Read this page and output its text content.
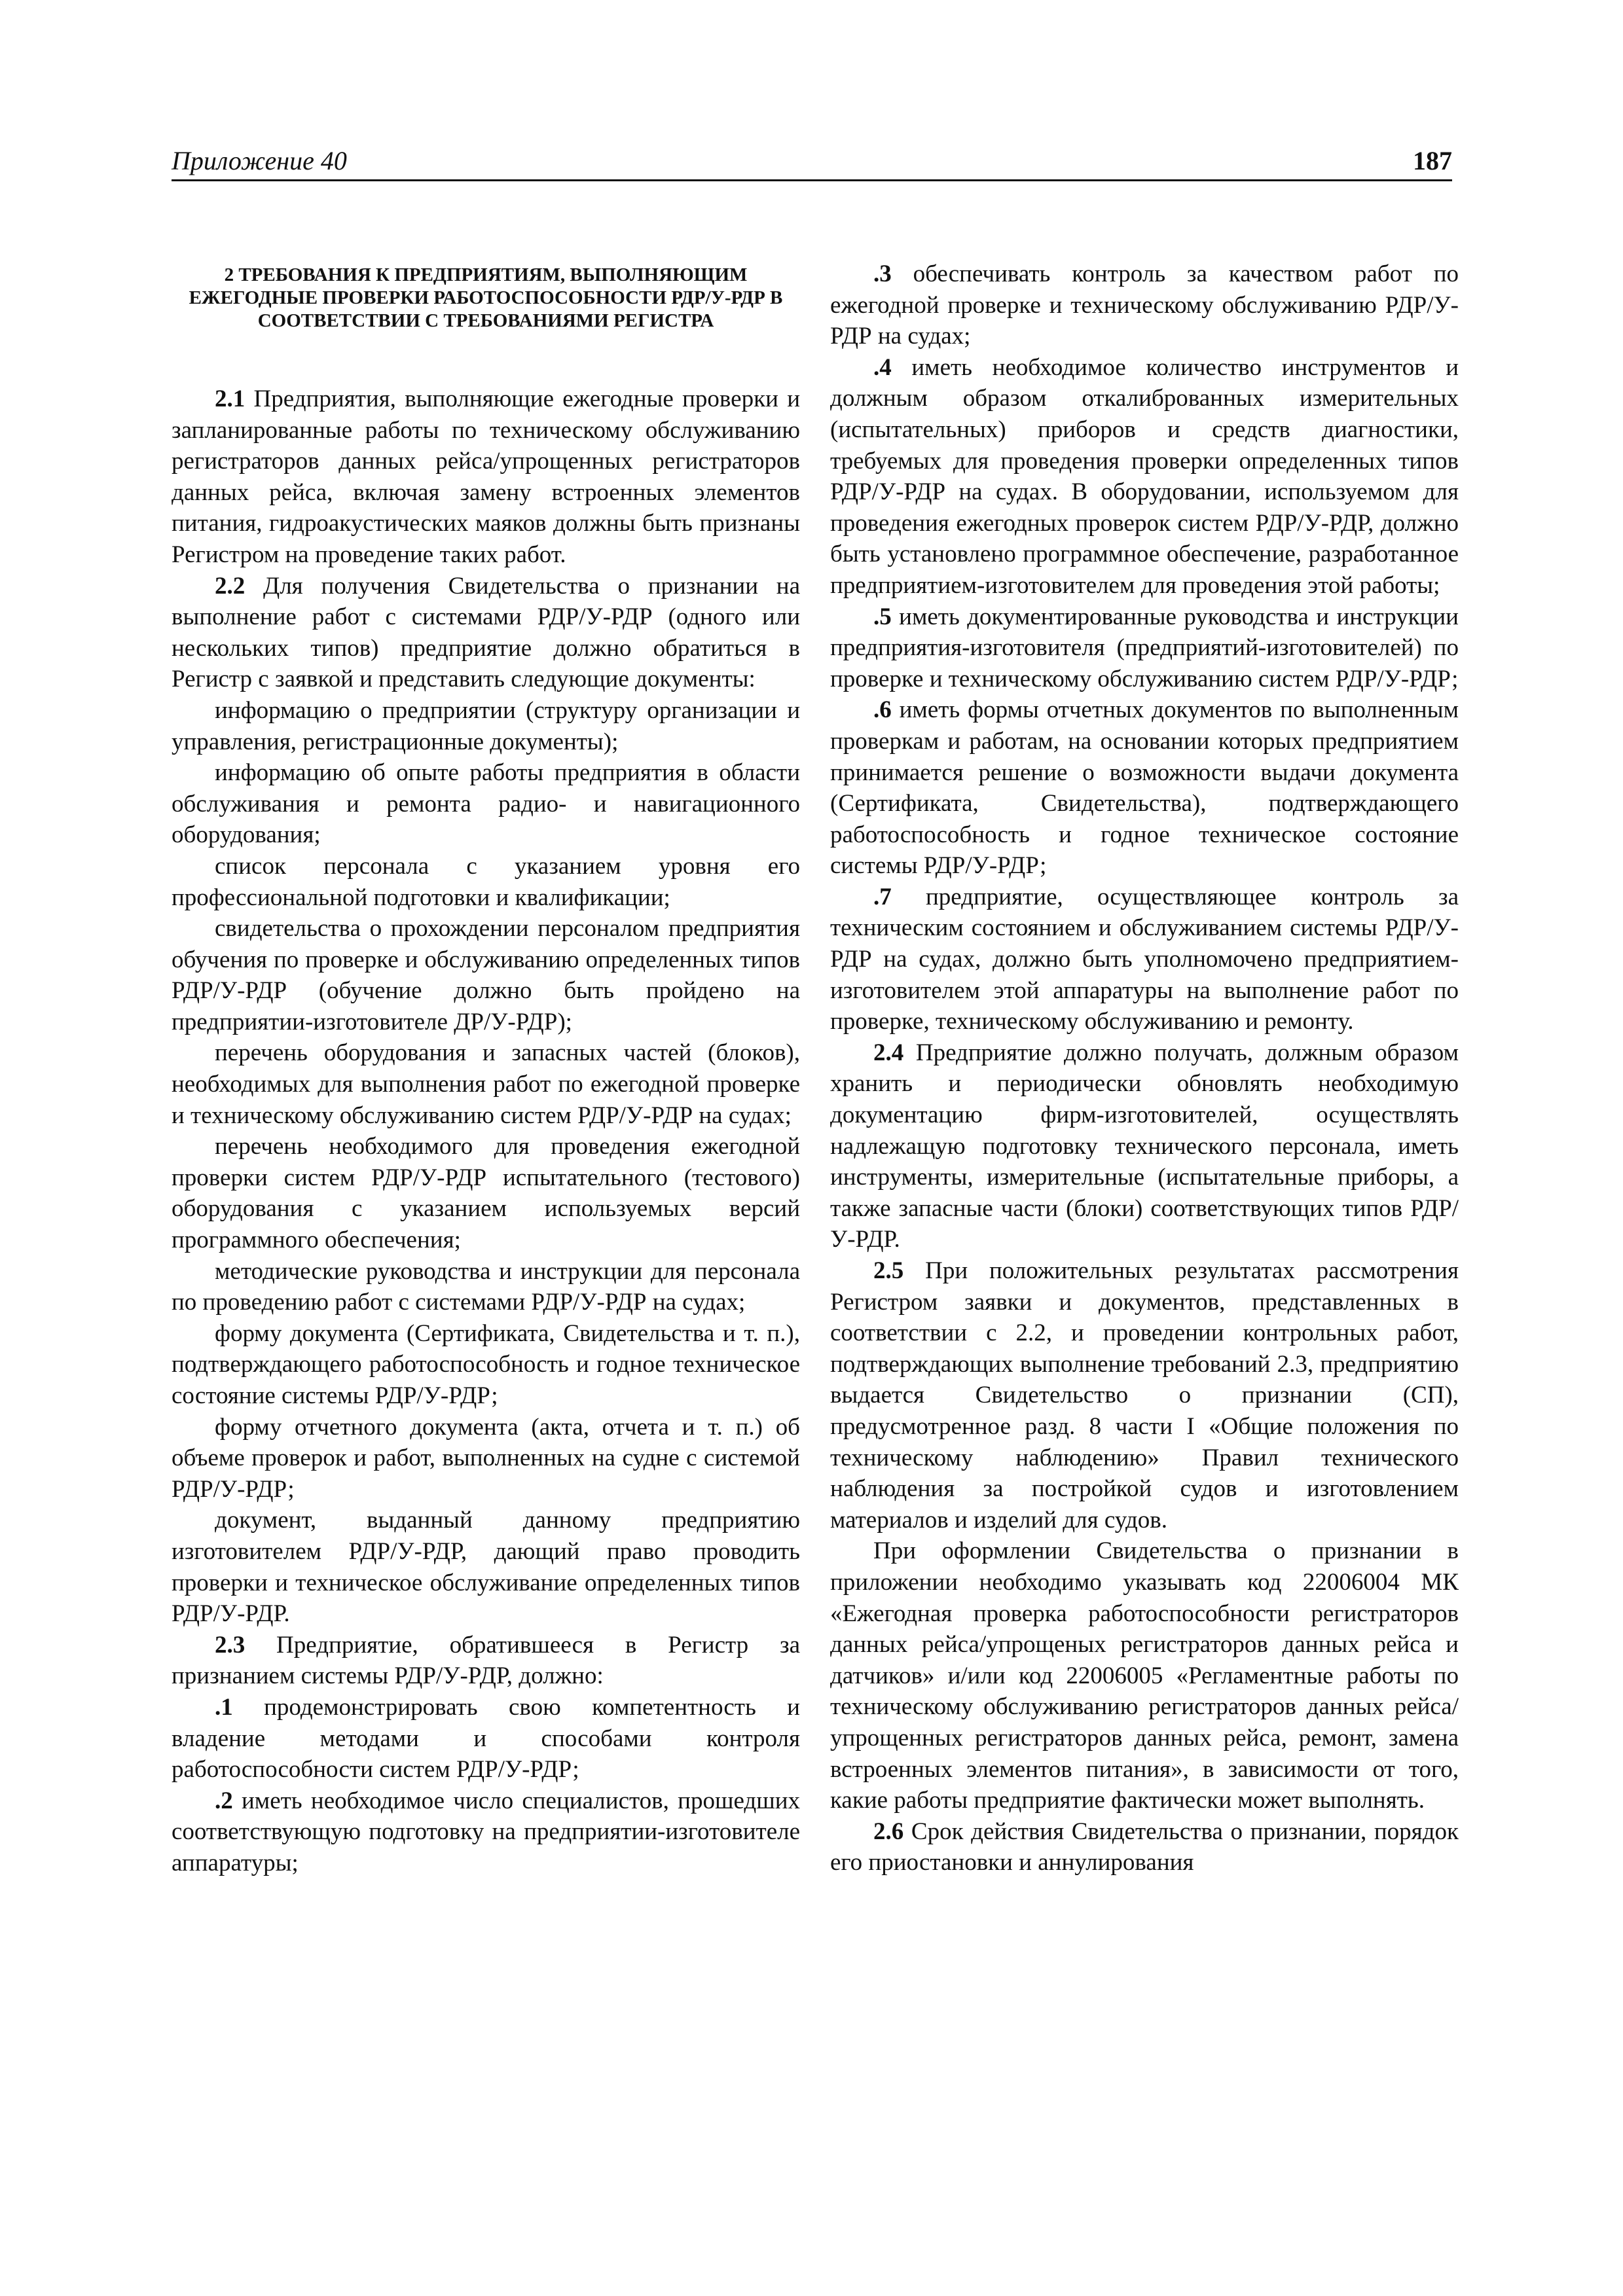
Приложение 40	187
2 ТРЕБОВАНИЯ К ПРЕДПРИЯТИЯМ, ВЫПОЛНЯЮЩИМ ЕЖЕГОДНЫЕ ПРОВЕРКИ РАБОТОСПОСОБНОСТИ РДР/У-РДР В СООТВЕТСТВИИ С ТРЕБОВАНИЯМИ РЕГИСТРА

2.1 Предприятия, выполняющие ежегодные проверки и запланированные работы по техническому обслуживанию регистраторов данных рейса/упрощенных регистраторов данных рейса, включая замену встроенных элементов питания, гидроакустических маяков должны быть признаны Регистром на проведение таких работ.

2.2 Для получения Свидетельства о признании на выполнение работ с системами РДР/У-РДР (одного или нескольких типов) предприятие должно обратиться в Регистр с заявкой и представить следующие документы:

информацию о предприятии (структуру организации и управления, регистрационные документы);

информацию об опыте работы предприятия в области обслуживания и ремонта радио- и навигационного оборудования;

список персонала с указанием уровня его профессиональной подготовки и квалификации;

свидетельства о прохождении персоналом предприятия обучения по проверке и обслуживанию определенных типов РДР/У-РДР (обучение должно быть пройдено на предприятии-изготовителе ДР/У-РДР);

перечень оборудования и запасных частей (блоков), необходимых для выполнения работ по ежегодной проверке и техническому обслуживанию систем РДР/У-РДР на судах;

перечень необходимого для проведения ежегодной проверки систем РДР/У-РДР испытательного (тестового) оборудования с указанием используемых версий программного обеспечения;

методические руководства и инструкции для персонала по проведению работ с системами РДР/У-РДР на судах;

форму документа (Сертификата, Свидетельства и т. п.), подтверждающего работоспособность и годное техническое состояние системы РДР/У-РДР;

форму отчетного документа (акта, отчета и т. п.) об объеме проверок и работ, выполненных на судне с системой РДР/У-РДР;

документ, выданный данному предприятию изготовителем РДР/У-РДР, дающий право проводить проверки и техническое обслуживание определенных типов РДР/У-РДР.

2.3 Предприятие, обратившееся в Регистр за признанием системы РДР/У-РДР, должно:

.1 продемонстрировать свою компетентность и владение методами и способами контроля работоспособности систем РДР/У-РДР;

.2 иметь необходимое число специалистов, прошедших соответствующую подготовку на предприятии-изготовителе аппаратуры;

.3 обеспечивать контроль за качеством работ по ежегодной проверке и техническому обслуживанию РДР/У-РДР на судах;

.4 иметь необходимое количество инструментов и должным образом откалиброванных измерительных (испытательных) приборов и средств диагностики, требуемых для проведения проверки определенных типов РДР/У-РДР на судах. В оборудовании, используемом для проведения ежегодных проверок систем РДР/У-РДР, должно быть установлено программное обеспечение, разработанное предприятием-изготовителем для проведения этой работы;

.5 иметь документированные руководства и инструкции предприятия-изготовителя (предприятий-изготовителей) по проверке и техническому обслуживанию систем РДР/У-РДР;

.6 иметь формы отчетных документов по выполненным проверкам и работам, на основании которых предприятием принимается решение о возможности выдачи документа (Сертификата, Свидетельства), подтверждающего работоспособность и годное техническое состояние системы РДР/У-РДР;

.7 предприятие, осуществляющее контроль за техническим состоянием и обслуживанием системы РДР/У-РДР на судах, должно быть уполномочено предприятием-изготовителем этой аппаратуры на выполнение работ по проверке, техническому обслуживанию и ремонту.

2.4 Предприятие должно получать, должным образом хранить и периодически обновлять необходимую документацию фирм-изготовителей, осуществлять надлежащую подготовку технического персонала, иметь инструменты, измерительные (испытательные приборы, а также запасные части (блоки) соответствующих типов РДР/У-РДР.

2.5 При положительных результатах рассмотрения Регистром заявки и документов, представленных в соответствии с 2.2, и проведении контрольных работ, подтверждающих выполнение требований 2.3, предприятию выдается Свидетельство о признании (СП), предусмотренное разд. 8 части I «Общие положения по техническому наблюдению» Правил технического наблюдения за постройкой судов и изготовлением материалов и изделий для судов.

При оформлении Свидетельства о признании в приложении необходимо указывать код 22006004 МК «Ежегодная проверка работоспособности регистраторов данных рейса/упрощеных регистраторов данных рейса и датчиков» и/или код 22006005 «Регламентные работы по техническому обслуживанию регистраторов данных рейса/упрощенных регистраторов данных рейса, ремонт, замена встроенных элементов питания», в зависимости от того, какие работы предприятие фактически может выполнять.

2.6 Срок действия Свидетельства о признании, порядок его приостановки и аннулирования
